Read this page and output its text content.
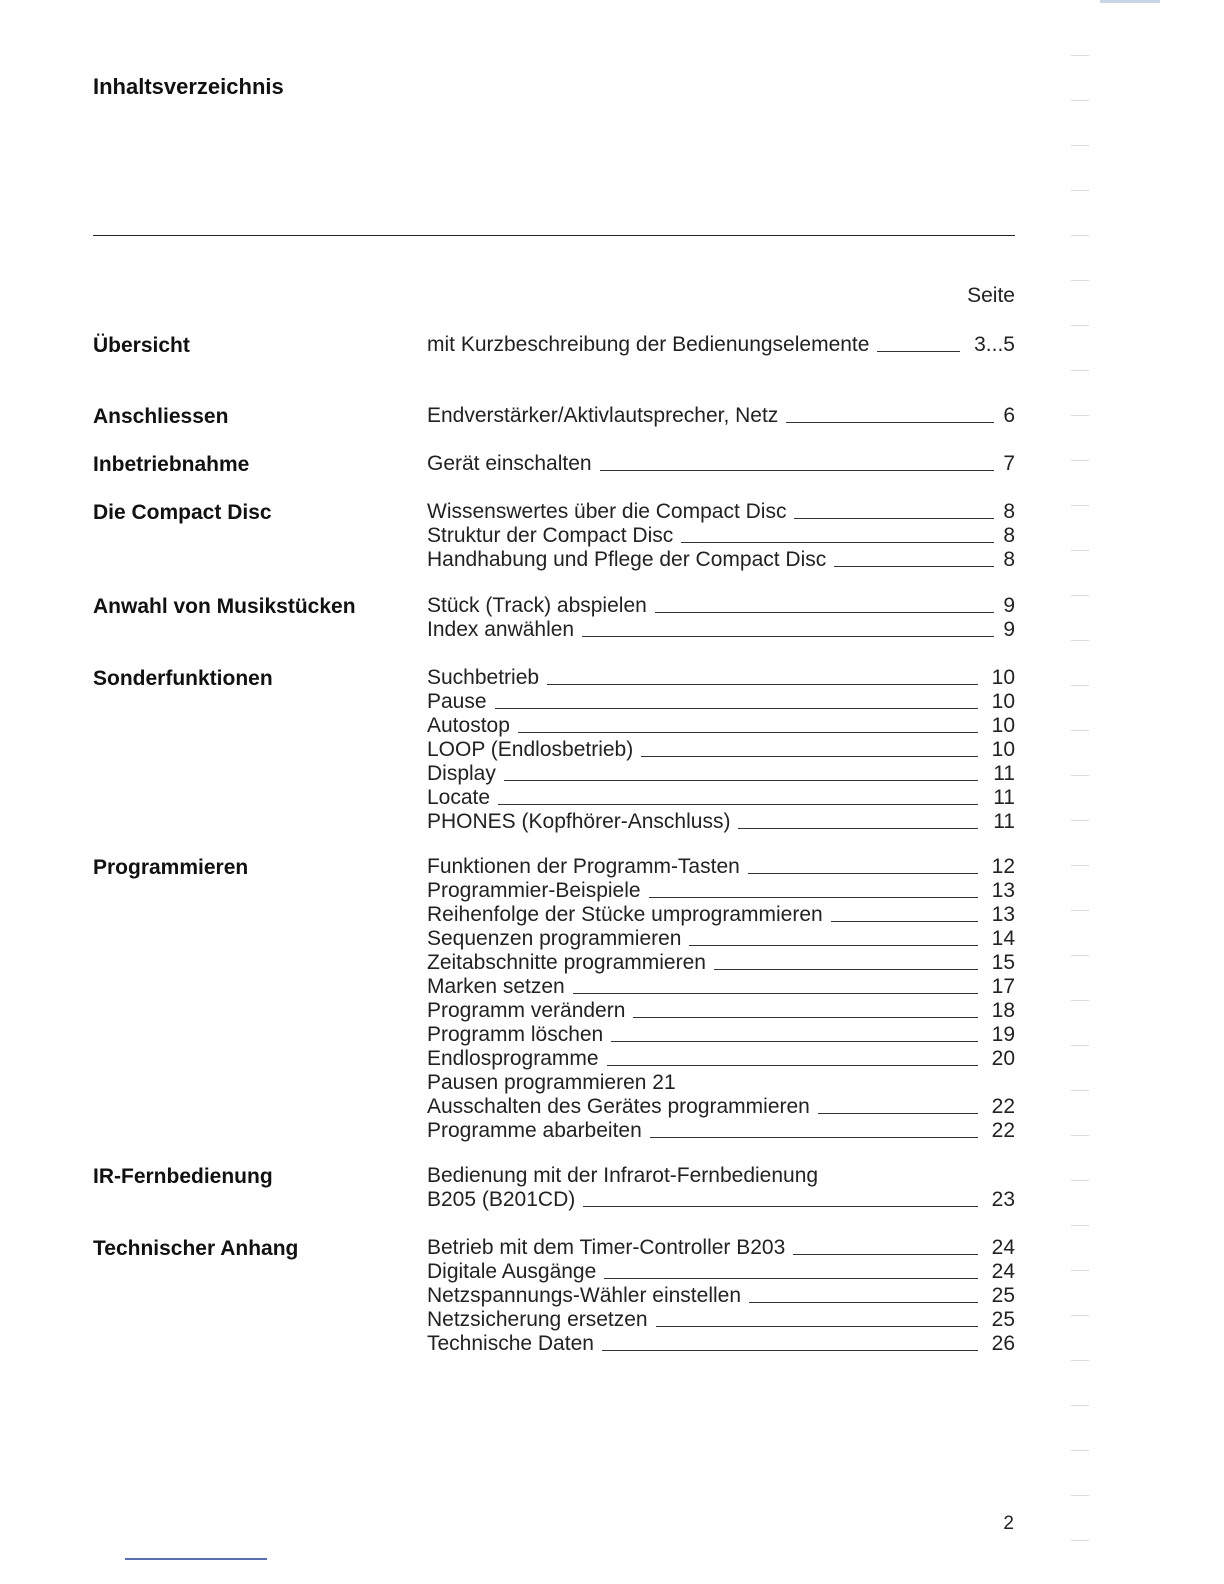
Inhaltsverzeichnis
Seite
Übersicht	mit Kurzbeschreibung der Bedienungselemente	3...5
Anschliessen	Endverstärker/Aktivlautsprecher, Netz	6
Inbetriebnahme	Gerät einschalten	7
Die Compact Disc	Wissenswertes über die Compact Disc	8
Struktur der Compact Disc	8
Handhabung und Pflege der Compact Disc	8
Anwahl von Musikstücken	Stück (Track) abspielen	9
Index anwählen	9
Sonderfunktionen	Suchbetrieb	10
Pause	10
Autostop	10
LOOP (Endlosbetrieb)	10
Display	11
Locate	11
PHONES (Kopfhörer-Anschluss)	11
Programmieren	Funktionen der Programm-Tasten	12
Programmier-Beispiele	13
Reihenfolge der Stücke umprogrammieren	13
Sequenzen programmieren	14
Zeitabschnitte programmieren	15
Marken setzen	17
Programm verändern	18
Programm löschen	19
Endlosprogramme	20
Pausen programmieren 21
Ausschalten des Gerätes programmieren	22
Programme abarbeiten	22
IR-Fernbedienung	Bedienung mit der Infrarot-Fernbedienung
B205 (B201CD)	23
Technischer Anhang	Betrieb mit dem Timer-Controller B203	24
Digitale Ausgänge	24
Netzspannungs-Wähler einstellen	25
Netzsicherung ersetzen	25
Technische Daten	26
2
